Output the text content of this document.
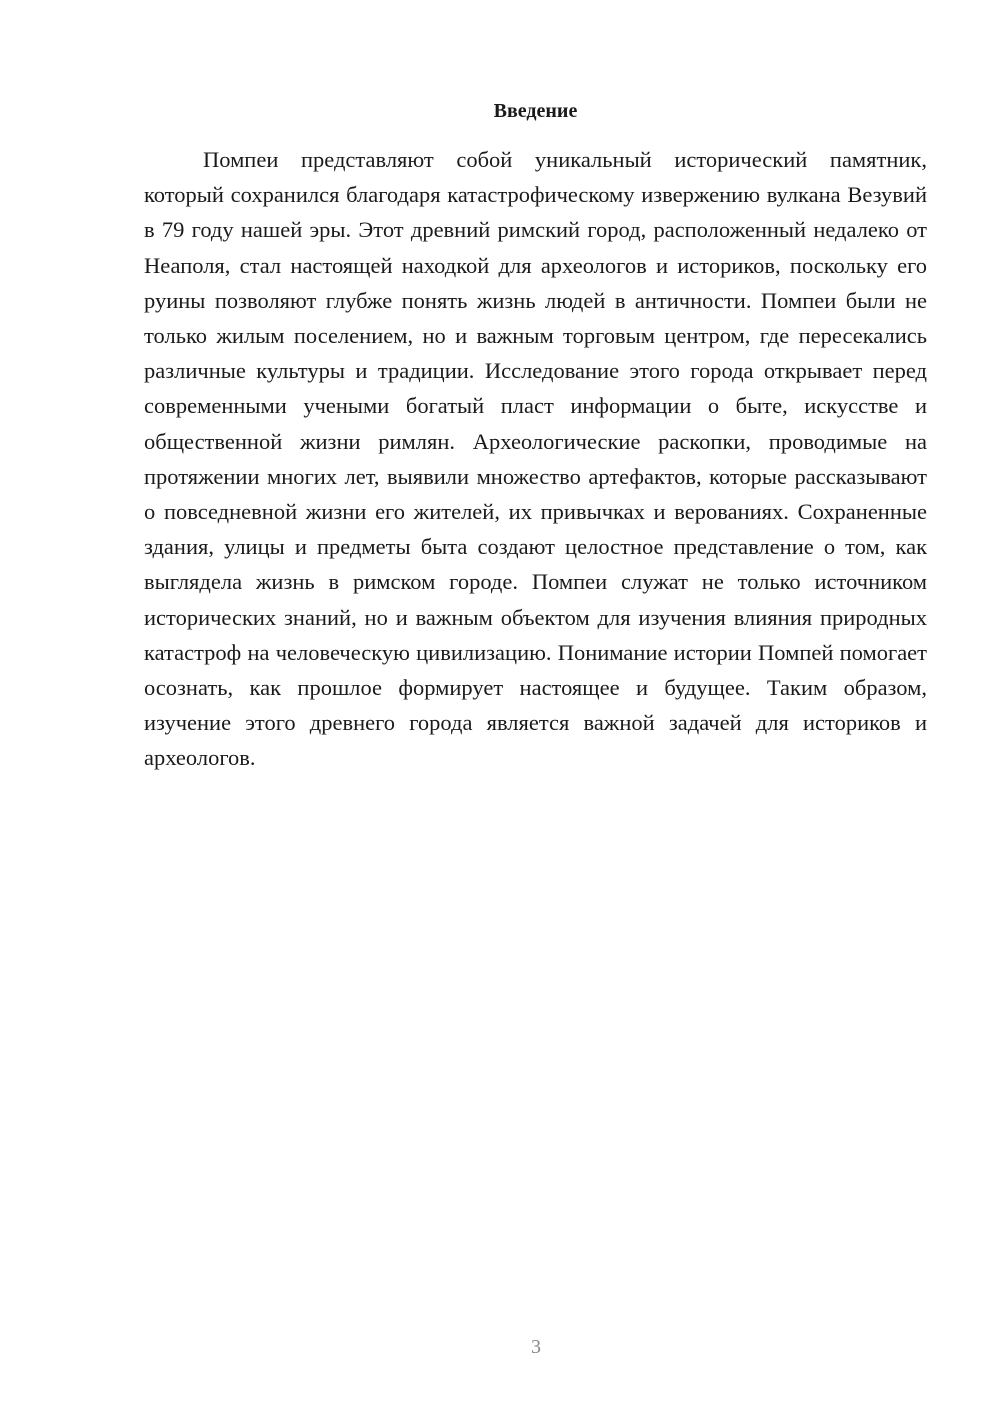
Введение

Помпеи представляют собой уникальный исторический памятник, который сохранился благодаря катастрофическому извержению вулкана Везувий в 79 году нашей эры. Этот древний римский город, расположенный недалеко от Неаполя, стал настоящей находкой для археологов и историков, поскольку его руины позволяют глубже понять жизнь людей в античности. Помпеи были не только жилым поселением, но и важным торговым центром, где пересекались различные культуры и традиции. Исследование этого города открывает перед современными учеными богатый пласт информации о быте, искусстве и общественной жизни римлян. Археологические раскопки, проводимые на протяжении многих лет, выявили множество артефактов, которые рассказывают о повседневной жизни его жителей, их привычках и верованиях. Сохраненные здания, улицы и предметы быта создают целостное представление о том, как выглядела жизнь в римском городе. Помпеи служат не только источником исторических знаний, но и важным объектом для изучения влияния природных катастроф на человеческую цивилизацию. Понимание истории Помпей помогает осознать, как прошлое формирует настоящее и будущее. Таким образом, изучение этого древнего города является важной задачей для историков и археологов.

3
